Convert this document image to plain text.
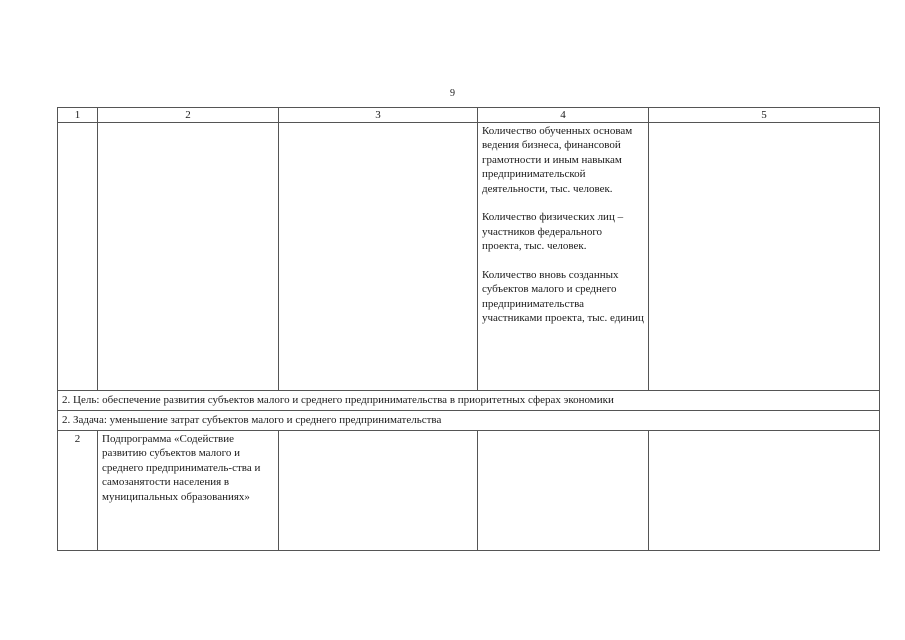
9
1	2	3	4	5

			Количество обученных основам ведения бизнеса, финансовой грамотности и иным навыкам предпринимательской деятельности, тыс. человек.

Количество физических лиц – участников федерального проекта, тыс. человек.

Количество вновь созданных субъектов малого и среднего предпринимательства участниками проекта, тыс. единиц	

2. Цель: обеспечение развития субъектов малого и среднего предпринимательства в приоритетных сферах экономики				
2. Задача: уменьшение затрат субъектов малого и среднего предпринимательства				
2	Подпрограмма «Содействие развитию субъектов малого и среднего предприниматель-ства и самозанятости населения в муниципальных образованиях»			
